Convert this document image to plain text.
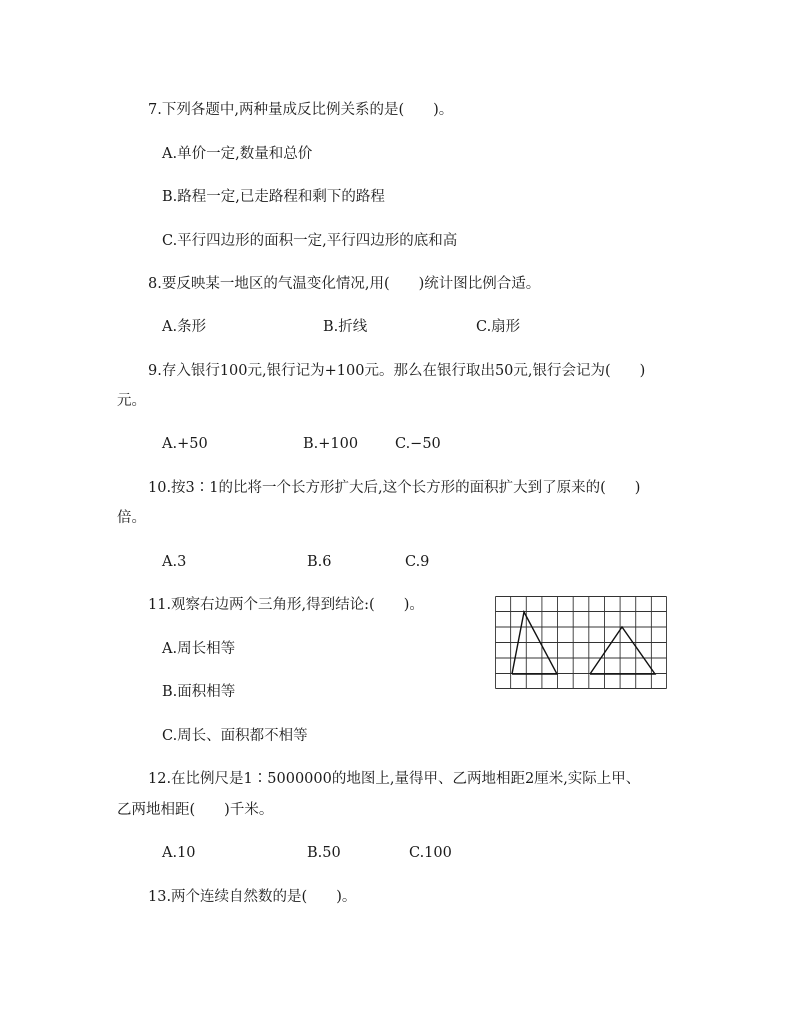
7.下列各题中,两种量成反比例关系的是(　　)。
A.单价一定,数量和总价
B.路程一定,已走路程和剩下的路程
C.平行四边形的面积一定,平行四边形的底和高
8.要反映某一地区的气温变化情况,用(　　)统计图比例合适。
A.条形	B.折线	C.扇形
9.存入银行100元,银行记为+100元。那么在银行取出50元,银行会记为(　　)
元。
A.+50	B.+100	C.−50
10.按3∶1的比将一个长方形扩大后,这个长方形的面积扩大到了原来的(　　)
倍。
A.3	B.6	C.9
11.观察右边两个三角形,得到结论:(　　)。
A.周长相等
B.面积相等
C.周长、面积都不相等
12.在比例尺是1∶5000000的地图上,量得甲、乙两地相距2厘米,实际上甲、
乙两地相距(　　)千米。
A.10	B.50	C.100
13.两个连续自然数的是(　　)。
